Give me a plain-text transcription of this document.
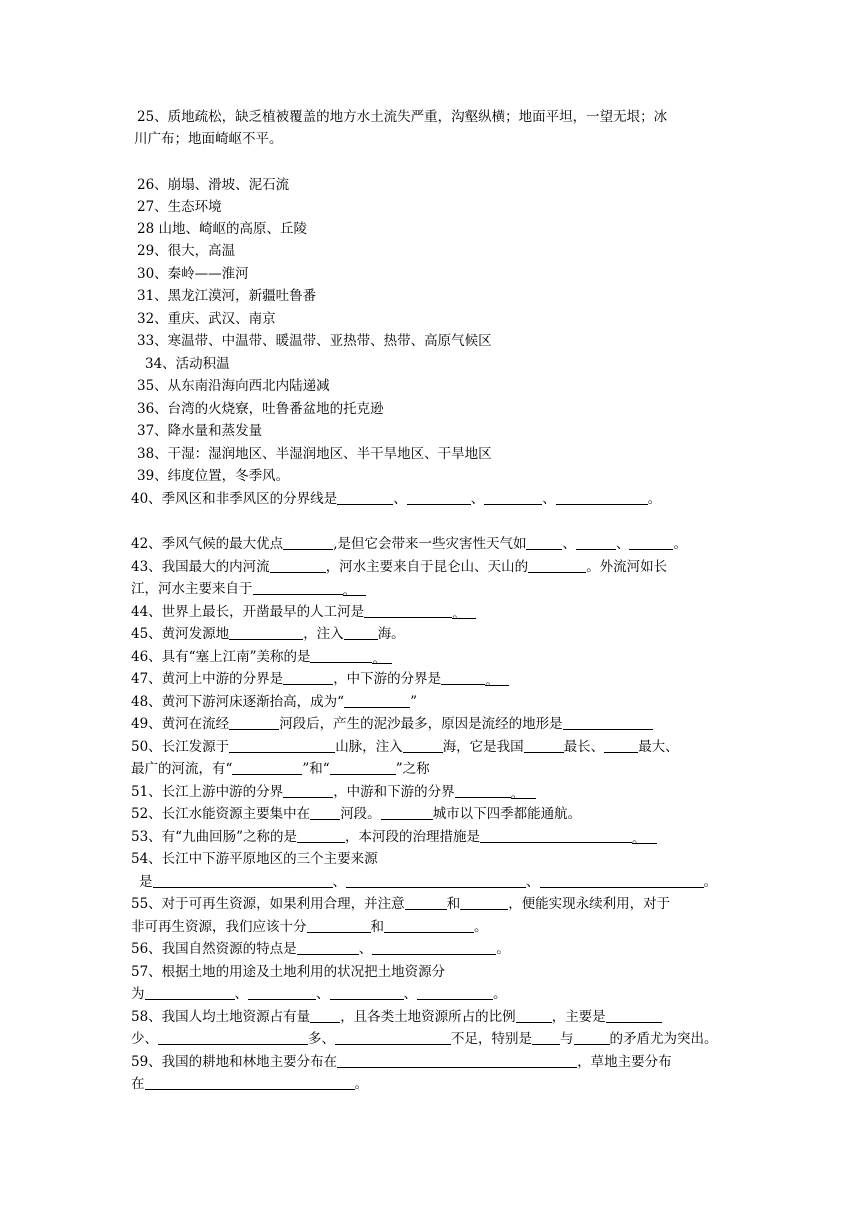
25、质地疏松，缺乏植被覆盖的地方水土流失严重，沟壑纵横；地面平坦，一望无垠；冰
川广布；地面崎岖不平。
26、崩塌、滑坡、泥石流
27、生态环境
28 山地、崎岖的高原、丘陵
29、很大，高温
30、秦岭——淮河
31、黑龙江漠河，新疆吐鲁番
32、重庆、武汉、南京
33、寒温带、中温带、暖温带、亚热带、热带、高原气候区
34、活动积温
35、从东南沿海向西北内陆递减
36、台湾的火烧寮，吐鲁番盆地的托克逊
37、降水量和蒸发量
38、干湿：湿润地区、半湿润地区、半干旱地区、干旱地区
39、纬度位置，冬季风。
40、季风区和非季风区的分界线是	、	、	、	。
42、季风气候的最大优点	,是但它会带来一些灾害性天气如	、	、	。
43、我国最大的内河流	，河水主要来自于昆仑山、天山的	。外流河如长
江，河水主要来自于	。
44、世界上最长，开凿最早的人工河是	。
45、黄河发源地	，注入	海。
46、具有“塞上江南”美称的是	。
47、黄河上中游的分界是	，中下游的分界是	。
48、黄河下游河床逐渐抬高，成为“	”
49、黄河在流经	河段后，产生的泥沙最多，原因是流经的地形是
50、长江发源于	山脉，注入	海，它是我国	最长、	最大、
最广的河流，有“	”和“	”之称
51、长江上游中游的分界	，中游和下游的分界	。
52、长江水能资源主要集中在 河段。	城市以下四季都能通航。
53、有“九曲回肠”之称的是	，本河段的治理措施是	。
54、长江中下游平原地区的三个主要来源
是	、	、	。
55、对于可再生资源，如果利用合理，并注意	和	，便能实现永续利用，对于
非可再生资源，我们应该十分	和	。
56、我国自然资源的特点是	、	。
57、根据土地的用途及土地利用的状况把土地资源分
为	、	、	、	。
58、我国人均土地资源占有量 ，且各类土地资源所占的比例	，主要是
少、	多、	不足，特别是 与	的矛盾尤为突出。
59、我国的耕地和林地主要分布在	，草地主要分布
在	。
